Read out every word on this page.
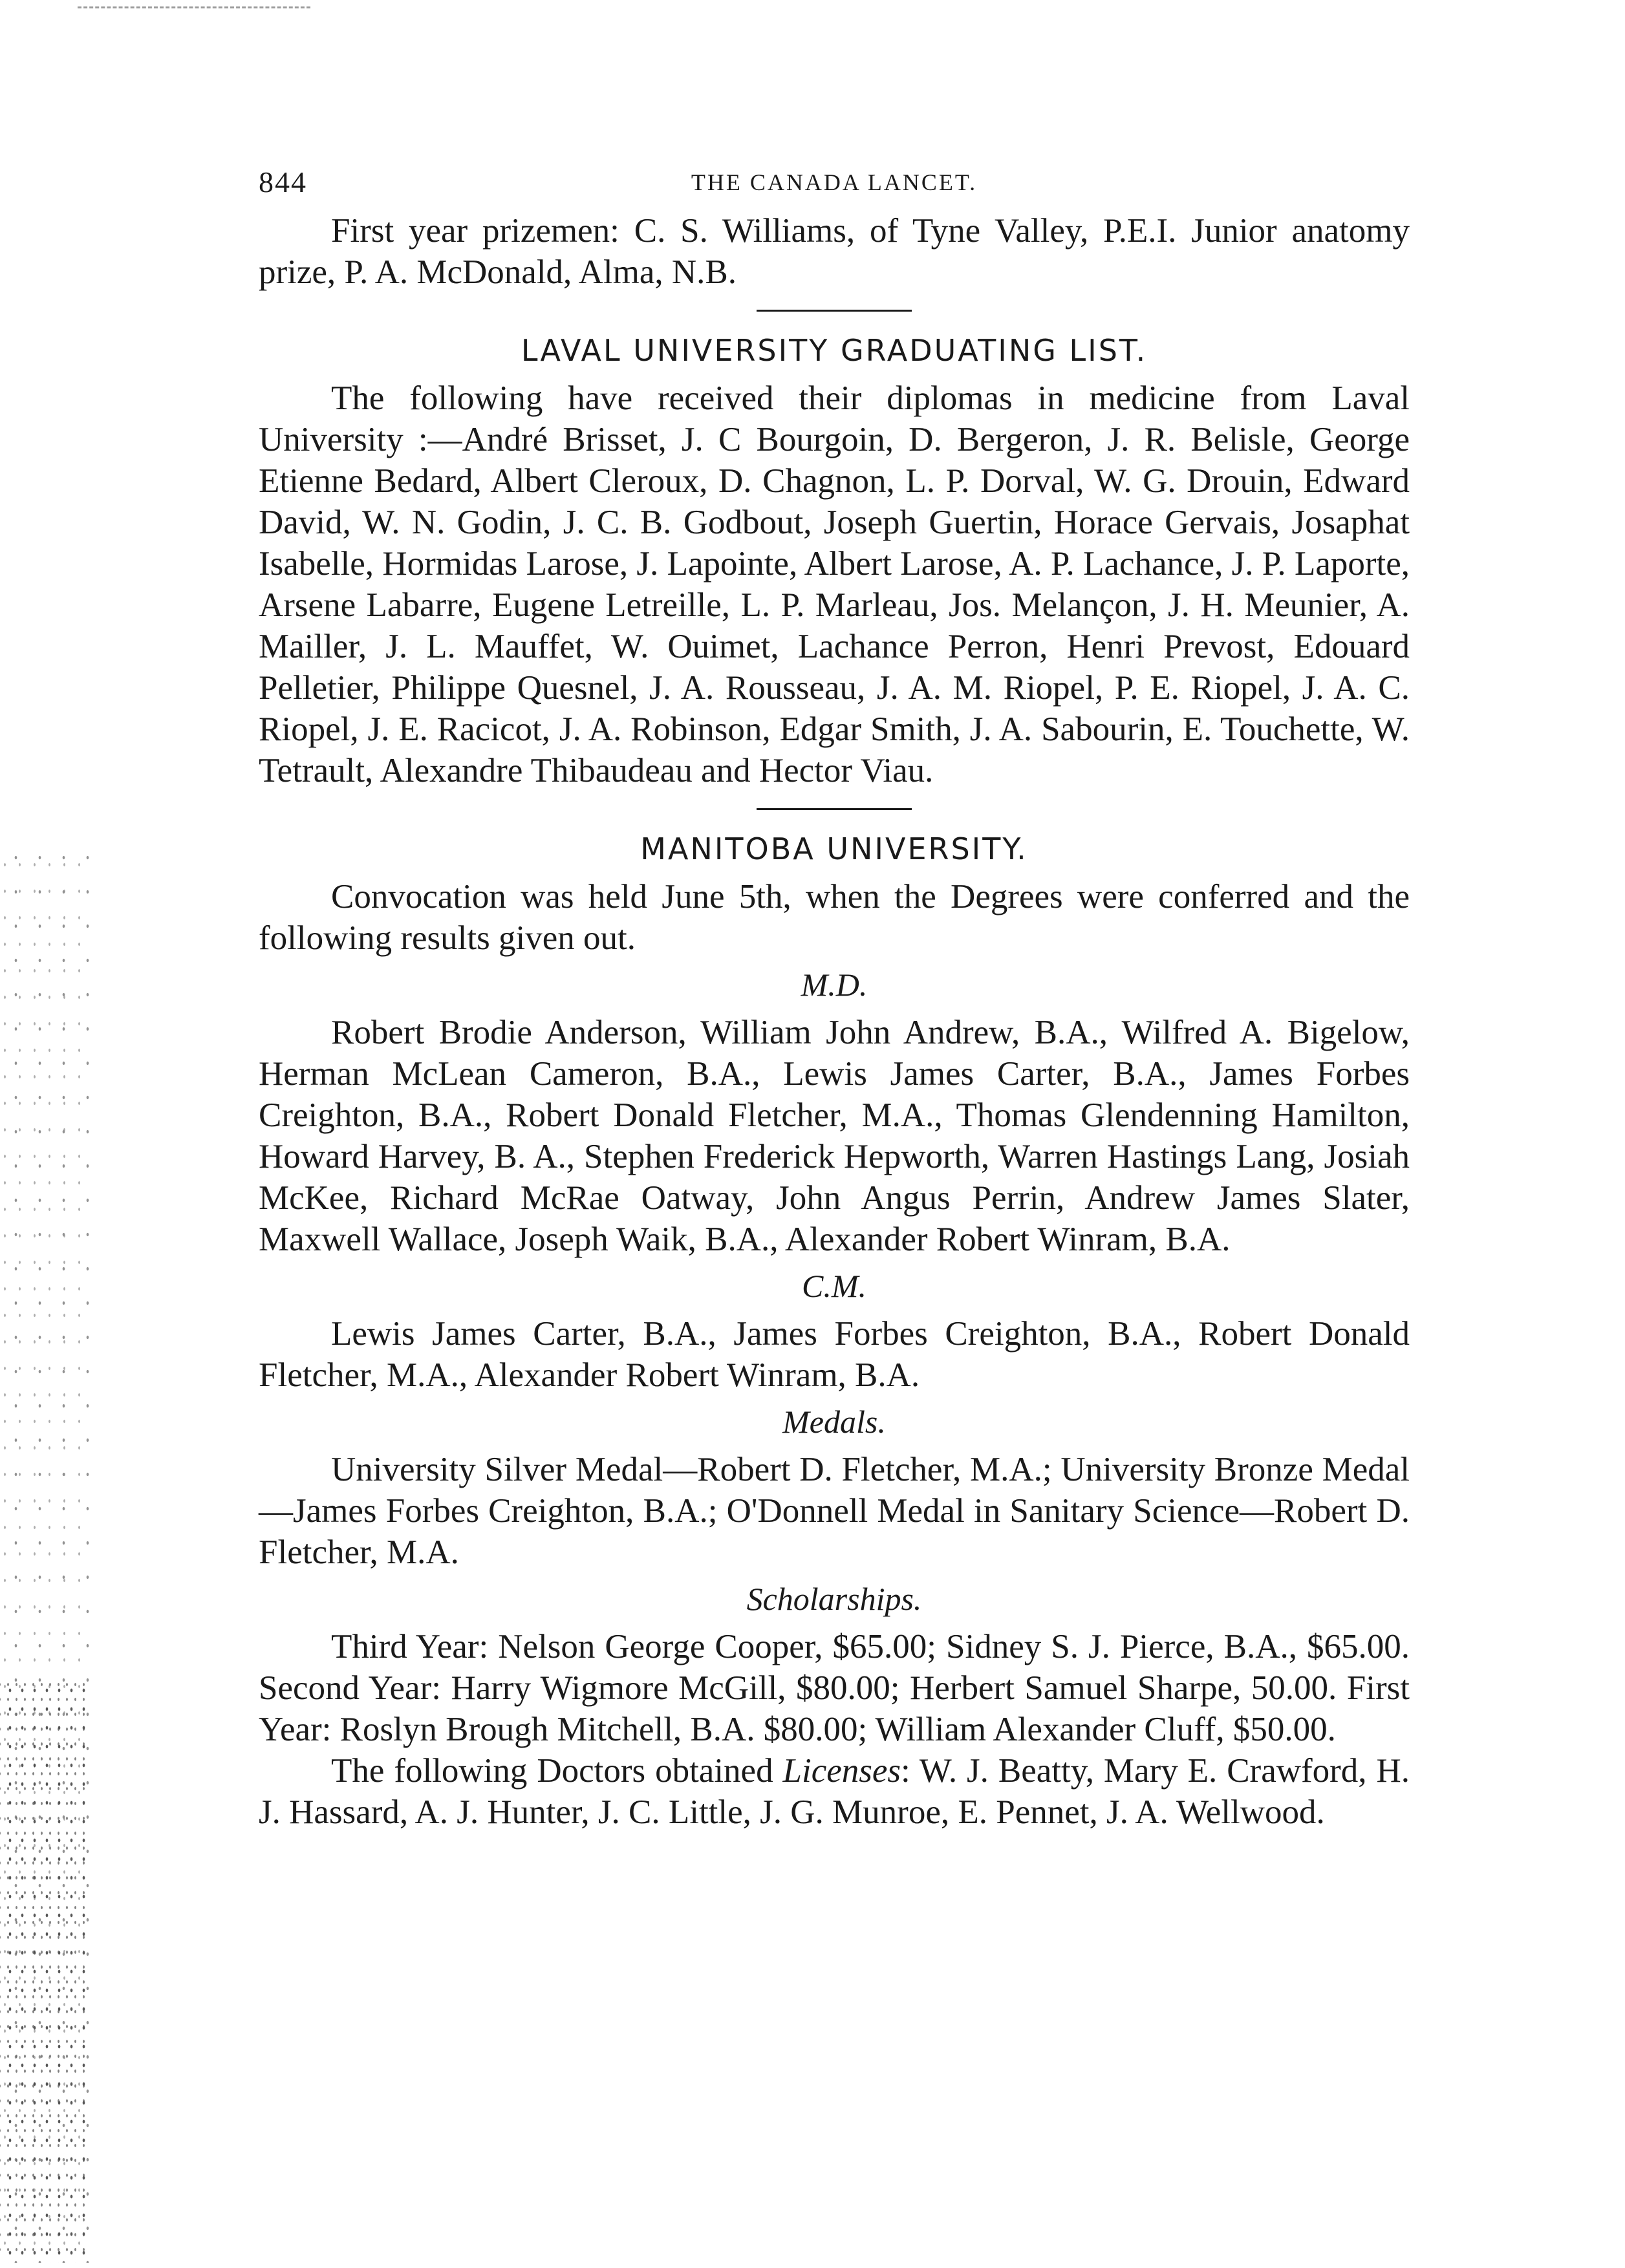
844	THE CANADA LANCET.

First year prizemen: C. S. Williams, of Tyne Valley, P.E.I. Junior anatomy prize, P. A. McDonald, Alma, N.B.

LAVAL UNIVERSITY GRADUATING LIST.

The following have received their diplomas in medicine from Laval University :—André Brisset, J. C Bourgoin, D. Bergeron, J. R. Belisle, George Etienne Bedard, Albert Cleroux, D. Chagnon, L. P. Dorval, W. G. Drouin, Edward David, W. N. Godin, J. C. B. Godbout, Joseph Guertin, Horace Gervais, Josaphat Isabelle, Hormidas Larose, J. Lapointe, Albert Larose, A. P. Lachance, J. P. Laporte, Arsene Labarre, Eugene Letreille, L. P. Marleau, Jos. Melançon, J. H. Meunier, A. Mailler, J. L. Mauffet, W. Ouimet, Lachance Perron, Henri Prevost, Edouard Pelletier, Philippe Quesnel, J. A. Rousseau, J. A. M. Riopel, P. E. Riopel, J. A. C. Riopel, J. E. Racicot, J. A. Robinson, Edgar Smith, J. A. Sabourin, E. Touchette, W. Tetrault, Alexandre Thibaudeau and Hector Viau.

MANITOBA UNIVERSITY.

Convocation was held June 5th, when the Degrees were conferred and the following results given out.

M.D.

Robert Brodie Anderson, William John Andrew, B.A., Wilfred A. Bigelow, Herman McLean Cameron, B.A., Lewis James Carter, B.A., James Forbes Creighton, B.A., Robert Donald Fletcher, M.A., Thomas Glendenning Hamilton, Howard Harvey, B. A., Stephen Frederick Hepworth, Warren Hastings Lang, Josiah McKee, Richard McRae Oatway, John Angus Perrin, Andrew James Slater, Maxwell Wallace, Joseph Waik, B.A., Alexander Robert Winram, B.A.

C.M.

Lewis James Carter, B.A., James Forbes Creighton, B.A., Robert Donald Fletcher, M.A., Alexander Robert Winram, B.A.

Medals.

University Silver Medal—Robert D. Fletcher, M.A.; University Bronze Medal—James Forbes Creighton, B.A.; O'Donnell Medal in Sanitary Science—Robert D. Fletcher, M.A.

Scholarships.

Third Year: Nelson George Cooper, $65.00; Sidney S. J. Pierce, B.A., $65.00. Second Year: Harry Wigmore McGill, $80.00; Herbert Samuel Sharpe, 50.00. First Year: Roslyn Brough Mitchell, B.A. $80.00; William Alexander Cluff, $50.00.

The following Doctors obtained Licenses: W. J. Beatty, Mary E. Crawford, H. J. Hassard, A. J. Hunter, J. C. Little, J. G. Munroe, E. Pennet, J. A. Wellwood.
